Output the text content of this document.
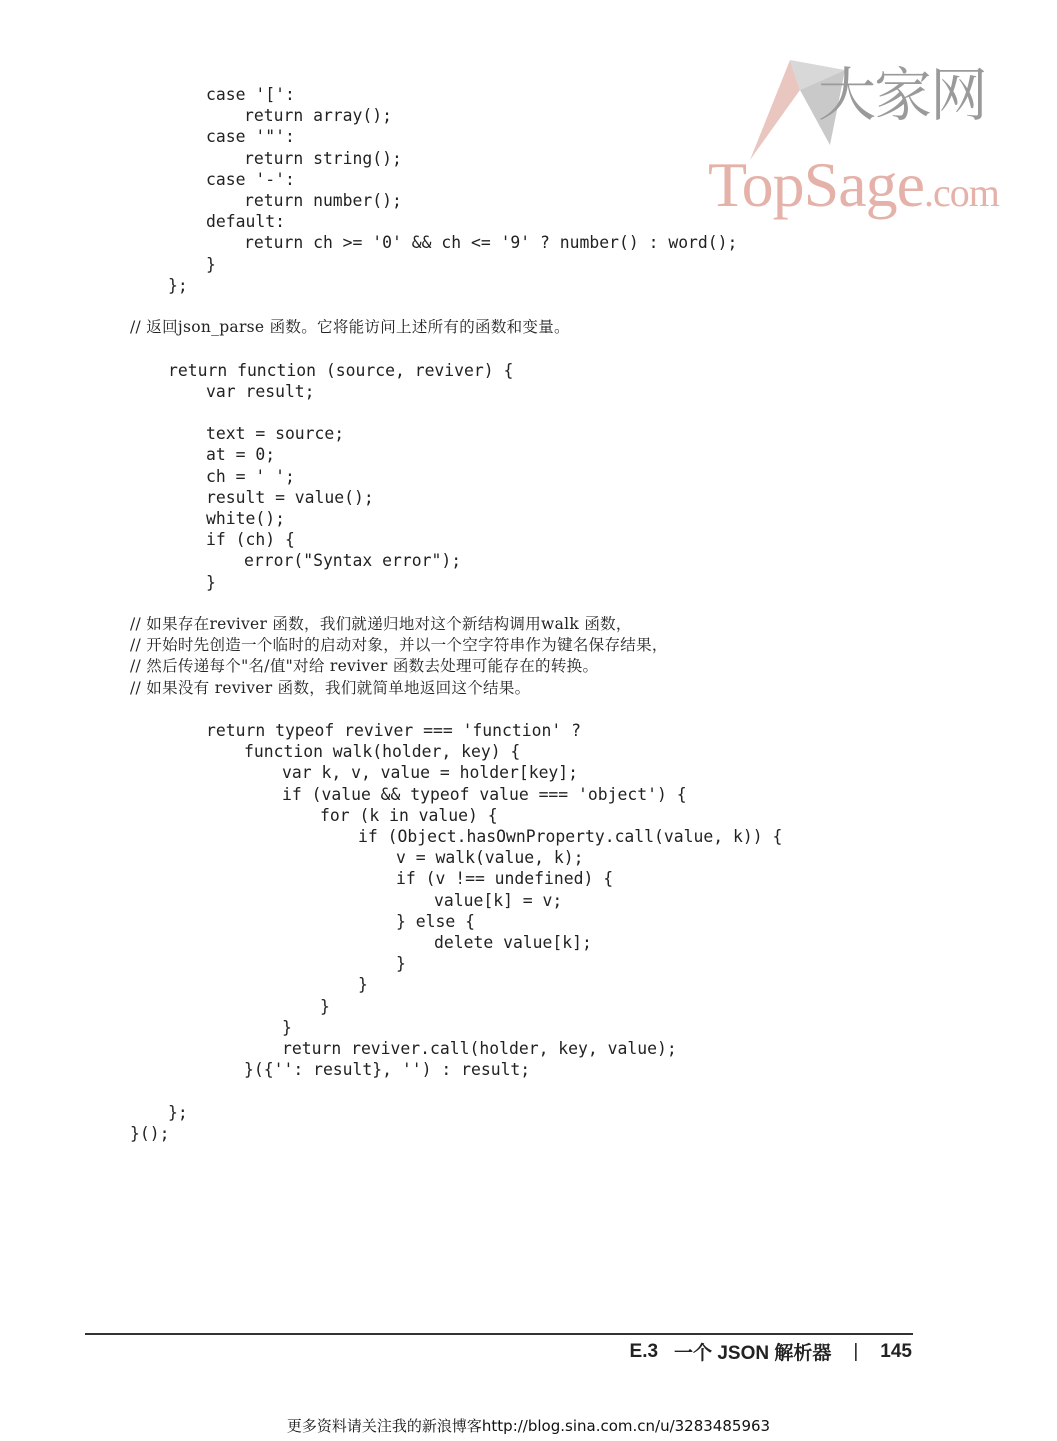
大家网
TopSage.com
case '[':
return array();
case '"':
return string();
case '-':
return number();
default:
return ch >= '0' && ch <= '9' ? number() : word();
}
};
// 返回json_parse 函数。它将能访问上述所有的函数和变量。
return function (source, reviver) {
var result;
text = source;
at = 0;
ch = ' ';
result = value();
white();
if (ch) {
error("Syntax error");
}
// 如果存在reviver 函数，我们就递归地对这个新结构调用walk 函数，
// 开始时先创造一个临时的启动对象，并以一个空字符串作为键名保存结果，
// 然后传递每个"名/值"对给 reviver 函数去处理可能存在的转换。
// 如果没有 reviver 函数，我们就简单地返回这个结果。
return typeof reviver === 'function' ?
function walk(holder, key) {
var k, v, value = holder[key];
if (value && typeof value === 'object') {
for (k in value) {
if (Object.hasOwnProperty.call(value, k)) {
v = walk(value, k);
if (v !== undefined) {
value[k] = v;
} else {
delete value[k];
}
}
}
}
return reviver.call(holder, key, value);
}({'': result}, '') : result;
};
}();
E.3 一个 JSON 解析器 | 145
更多资料请关注我的新浪博客http://blog.sina.com.cn/u/3283485963
